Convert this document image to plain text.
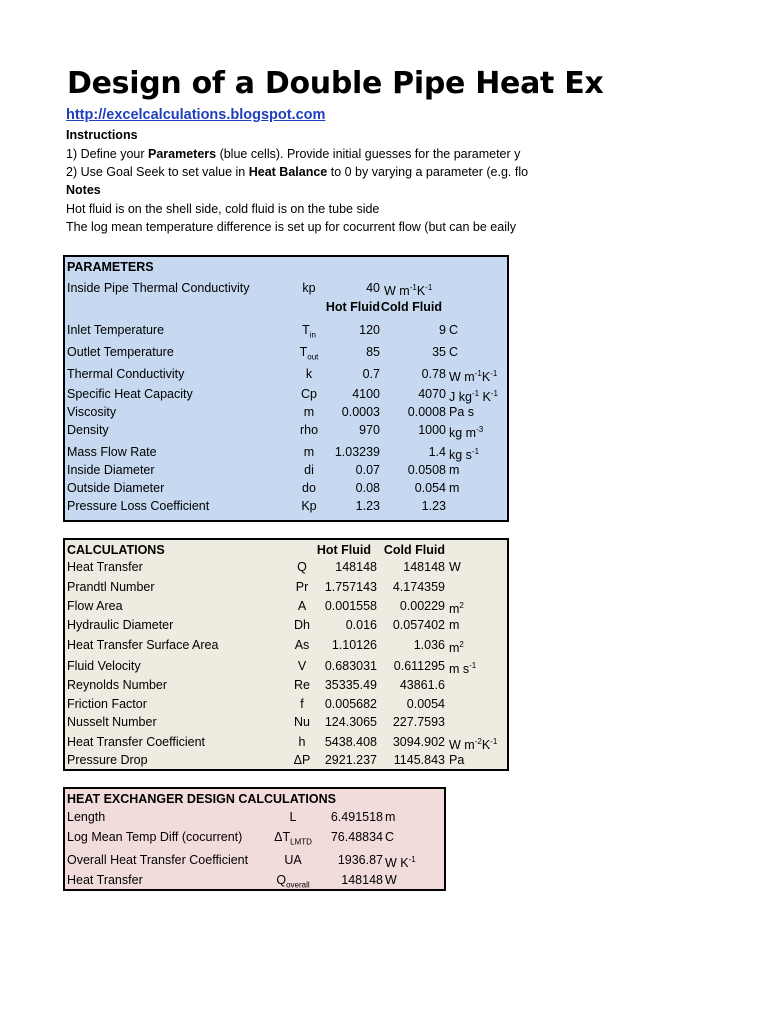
Design of a Double Pipe Heat Ex
http://excelcalculations.blogspot.com
Instructions
1) Define your Parameters (blue cells). Provide initial guesses for the parameter y
2) Use Goal Seek to set value in Heat Balance to 0 by varying a parameter (e.g. flo
Notes
Hot fluid is on the shell side, cold fluid is on the tube side
The log mean temperature difference is set up for cocurrent flow (but can be eaily
PARAMETERS
Inside Pipe Thermal Conductivity	kp	40 W $m^{-1}K^{-1}$
Hot Fluid Cold Fluid
Inlet Temperature	$T_{in}$	120	9 C
Outlet Temperature	$T_{out}$	85	35 C
Thermal Conductivity	k	0.7	0.78 W $m^{-1}K^{-1}$
Specific Heat Capacity	Cp	4100	4070 J $kg^{-1}$ $K^{-1}$
Viscosity	m	0.0003	0.0008 Pa s
Density	rho	970	1000 kg $m^{-3}$
Mass Flow Rate	m	1.03239	1.4 kg $s^{-1}$
Inside Diameter	di	0.07	0.0508 m
Outside Diameter	do	0.08	0.054 m
Pressure Loss Coefficient	Kp	1.23	1.23
CALCULATIONS	Hot Fluid Cold Fluid
Heat Transfer	Q	148148	148148 W
Prandtl Number	Pr	1.757143	4.174359
Flow Area	A	0.001558	0.00229 $m^2$
Hydraulic Diameter	Dh	0.016	0.057402 m
Heat Transfer Surface Area	As	1.10126	1.036 $m^2$
Fluid Velocity	V	0.683031	0.611295 m $s^{-1}$
Reynolds Number	Re	35335.49	43861.6
Friction Factor	f	0.005682	0.0054
Nusselt Number	Nu	124.3065	227.7593
Heat Transfer Coefficient	h	5438.408	3094.902 W $m^{-2}K^{-1}$
Pressure Drop	ΔP	2921.237	1145.843 Pa
HEAT EXCHANGER DESIGN CALCULATIONS
Length	L	6.491518 m
Log Mean Temp Diff (cocurrent)	$\Delta T_{LMTD}$	76.48834 C
Overall Heat Transfer Coefficient	UA	1936.87 W $K^{-1}$
Heat Transfer	$Q_{overall}$	148148 W
